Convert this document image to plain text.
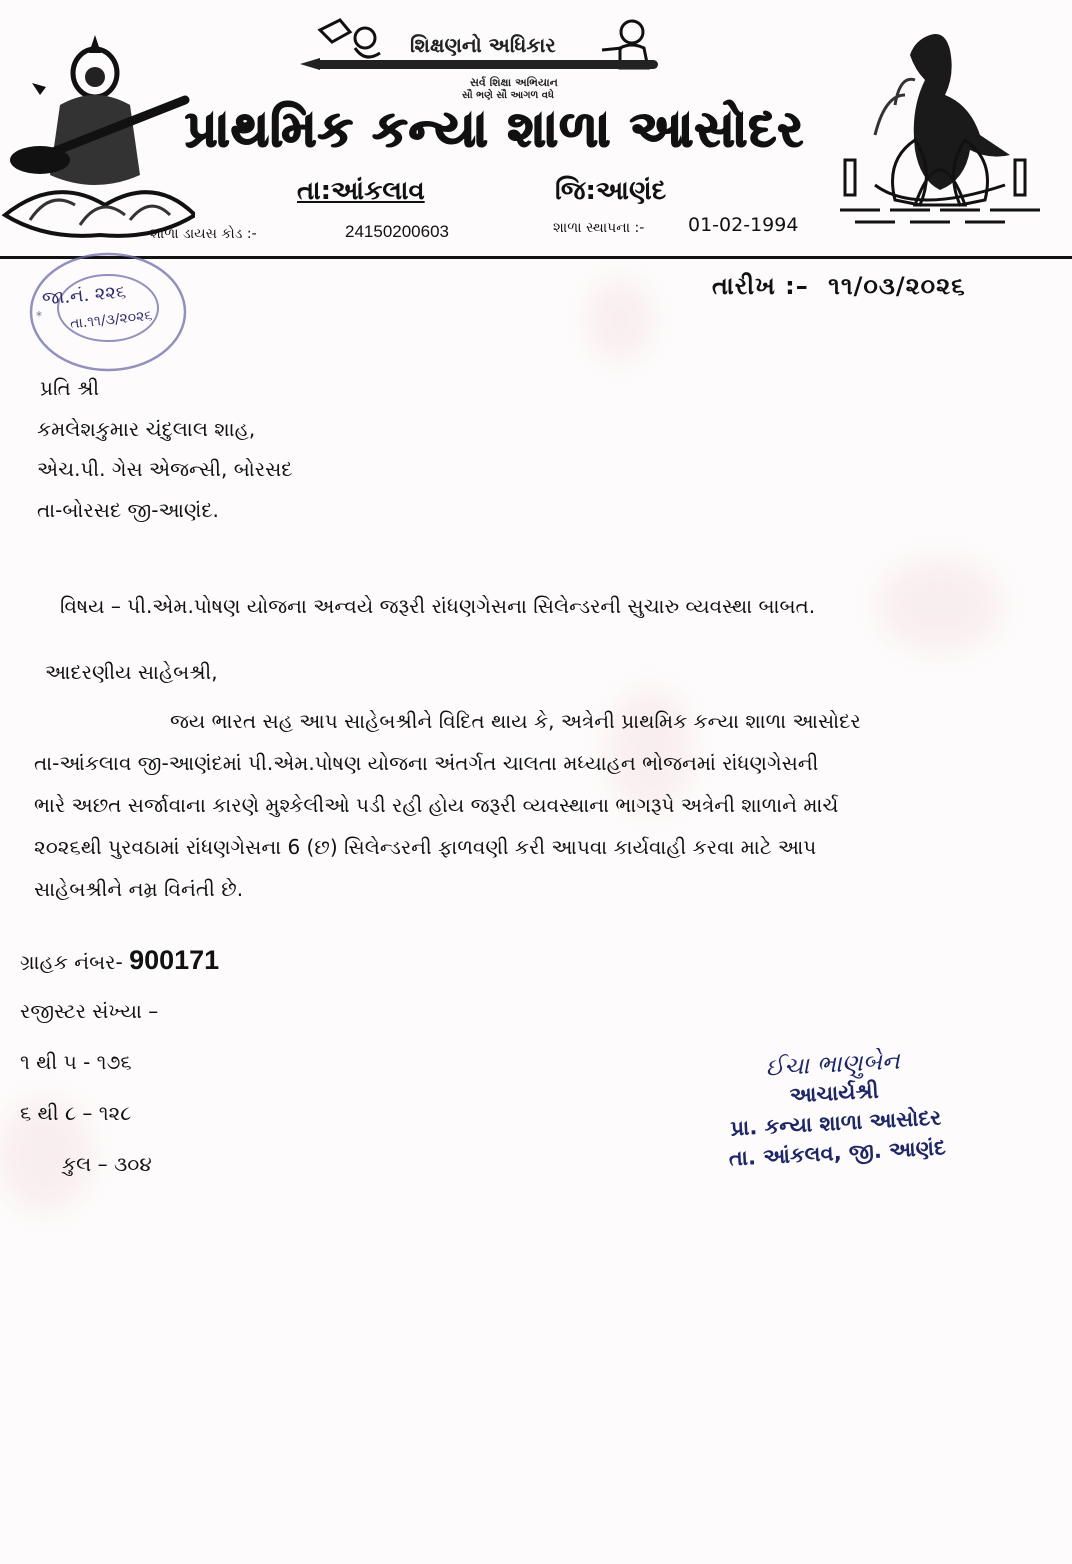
શિક્ષણનો અધિકાર
સર્વ શિક્ષા અભિયાન
સૌ ભણે સૌ આગળ વધે
પ્રાથમિક કન્યા શાળા આસોદર
તા:આંકલાવ	જિ:આણંદ
શાળા ડાયસ કોડ :-	24150200603	શાળા સ્થાપના :- 01-02-1994
*
જા.નં. ૨૨૬
તા.૧૧/૩/૨૦૨૬
તારીખ :– ૧૧/૦૩/૨૦૨૬
પ્રતિ શ્રી
કમલેશકુમાર ચંદુલાલ શાહ,
એચ.પી. ગેસ એજન્સી, બોરસદ
તા-બોરસદ જી-આણંદ.
વિષય – પી.એમ.પોષણ યોજના અન્વયે જરૂરી રાંધણગેસના સિલેન્ડરની સુચારુ વ્યવસ્થા બાબત.
આદરણીય સાહેબશ્રી,
જય ભારત સહ આપ સાહેબશ્રીને વિદિત થાય કે, અત્રેની પ્રાથમિક કન્યા શાળા આસોદર
તા-આંકલાવ જી-આણંદમાં પી.એમ.પોષણ યોજના અંતર્ગત ચાલતા મધ્યાહન ભોજનમાં રાંધણગેસની
ભારે અછત સર્જાવાના કારણે મુશ્કેલીઓ પડી રહી હોય જરૂરી વ્યવસ્થાના ભાગરૂપે અત્રેની શાળાને માર્ચ
૨૦૨૬થી પુરવઠામાં રાંધણગેસના 6 (છ) સિલેન્ડરની ફાળવણી કરી આપવા કાર્યવાહી કરવા માટે આપ
સાહેબશ્રીને નમ્ર વિનંતી છે.
ગ્રાહક નંબર- 900171
રજીસ્ટર સંખ્યા –
૧ થી ૫ - ૧૭૬
૬ થી ૮ – ૧૨૮
કુલ – ૩૦૪
ઈચા ભાણુબેન
આચાર્યશ્રી
પ્રા. કન્યા શાળા આસોદર
તા. આંકલવ, જી. આણંદ
